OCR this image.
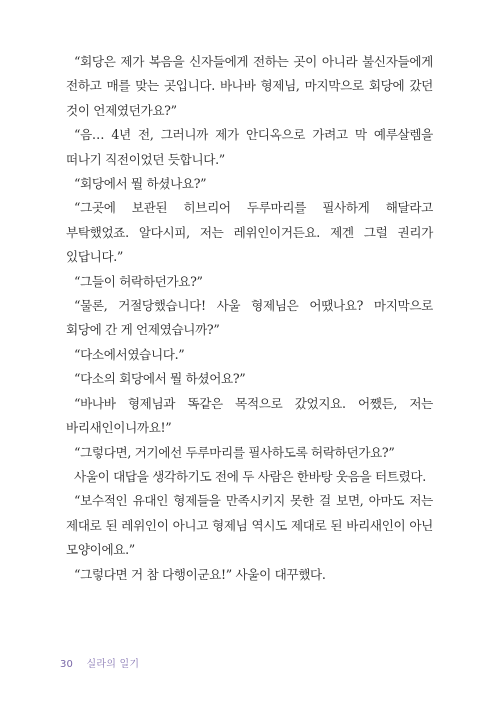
“회당은 제가 복음을 신자들에게 전하는 곳이 아니라 불신자들에게 전하고 매를 맞는 곳입니다. 바나바 형제님, 마지막으로 회당에 갔던 것이 언제였던가요?”

“음… 4년 전, 그러니까 제가 안디옥으로 가려고 막 예루살렘을 떠나기 직전이었던 듯합니다.”

“회당에서 뭘 하셨나요?”

“그곳에 보관된 히브리어 두루마리를 필사하게 해달라고 부탁했었죠. 알다시피, 저는 레위인이거든요. 제겐 그럴 권리가 있답니다.”

“그들이 허락하던가요?”

“물론, 거절당했습니다! 사울 형제님은 어땠나요? 마지막으로 회당에 간 게 언제였습니까?”

“다소에서였습니다.”

“다소의 회당에서 뭘 하셨어요?”

“바나바 형제님과 똑같은 목적으로 갔었지요. 어쨌든, 저는 바리새인이니까요!”

“그렇다면, 거기에선 두루마리를 필사하도록 허락하던가요?”

사울이 대답을 생각하기도 전에 두 사람은 한바탕 웃음을 터트렸다.

“보수적인 유대인 형제들을 만족시키지 못한 걸 보면, 아마도 저는 제대로 된 레위인이 아니고 형제님 역시도 제대로 된 바리새인이 아닌 모양이에요.”

“그렇다면 거 참 다행이군요!” 사울이 대꾸했다.

30 실라의 일기
